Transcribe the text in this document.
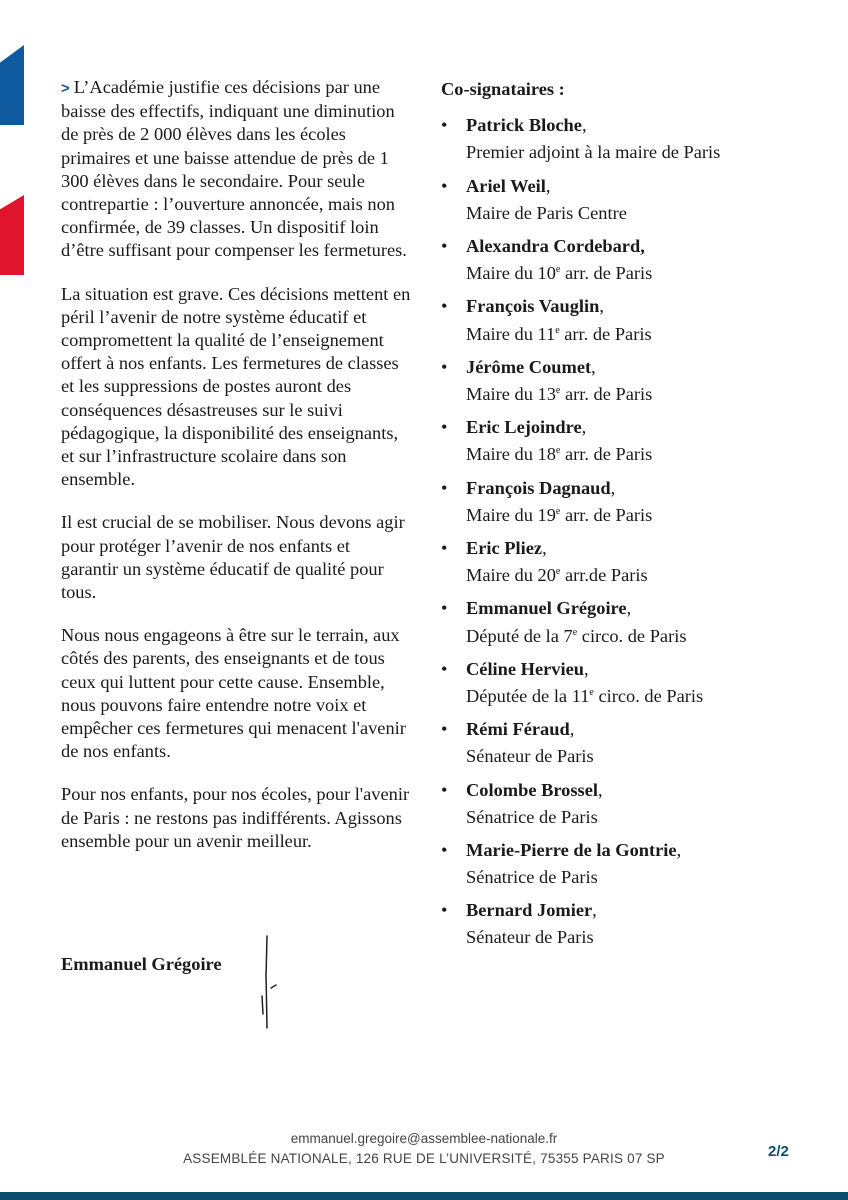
> L’Académie justifie ces décisions par une baisse des effectifs, indiquant une diminution de près de 2 000 élèves dans les écoles primaires et une baisse attendue de près de 1 300 élèves dans le secondaire. Pour seule contrepartie : l’ouverture annoncée, mais non confirmée, de 39 classes. Un dispositif loin d’être suffisant pour compenser les fermetures.

La situation est grave. Ces décisions mettent en péril l’avenir de notre système éducatif et compromettent la qualité de l’enseignement offert à nos enfants. Les fermetures de classes et les suppressions de postes auront des conséquences désastreuses sur le suivi pédagogique, la disponibilité des enseignants, et sur l’infrastructure scolaire dans son ensemble.

Il est crucial de se mobiliser. Nous devons agir pour protéger l’avenir de nos enfants et garantir un système éducatif de qualité pour tous.

Nous nous engageons à être sur le terrain, aux côtés des parents, des enseignants et de tous ceux qui luttent pour cette cause. Ensemble, nous pouvons faire entendre notre voix et empêcher ces fermetures qui menacent l'avenir de nos enfants.

Pour nos enfants, pour nos écoles, pour l'avenir de Paris : ne restons pas indifférents. Agissons ensemble pour un avenir meilleur.

Emmanuel Grégoire
Co-signataires :
• Patrick Bloche,
Premier adjoint à la maire de Paris
• Ariel Weil,
Maire de Paris Centre
• Alexandra Cordebard,
Maire du 10e arr. de Paris
• François Vauglin,
Maire du 11e arr. de Paris
• Jérôme Coumet,
Maire du 13e arr. de Paris
• Eric Lejoindre,
Maire du 18e arr. de Paris
• François Dagnaud,
Maire du 19e arr. de Paris
• Eric Pliez,
Maire du 20e arr.de Paris
• Emmanuel Grégoire,
Député de la 7e circo. de Paris
• Céline Hervieu,
Députée de la 11e circo. de Paris
• Rémi Féraud,
Sénateur de Paris
• Colombe Brossel,
Sénatrice de Paris
• Marie-Pierre de la Gontrie,
Sénatrice de Paris
• Bernard Jomier,
Sénateur de Paris
emmanuel.gregoire@assemblee-nationale.fr
ASSEMBLÉE NATIONALE, 126 RUE DE L’UNIVERSITÉ, 75355 PARIS 07 SP	2/2
